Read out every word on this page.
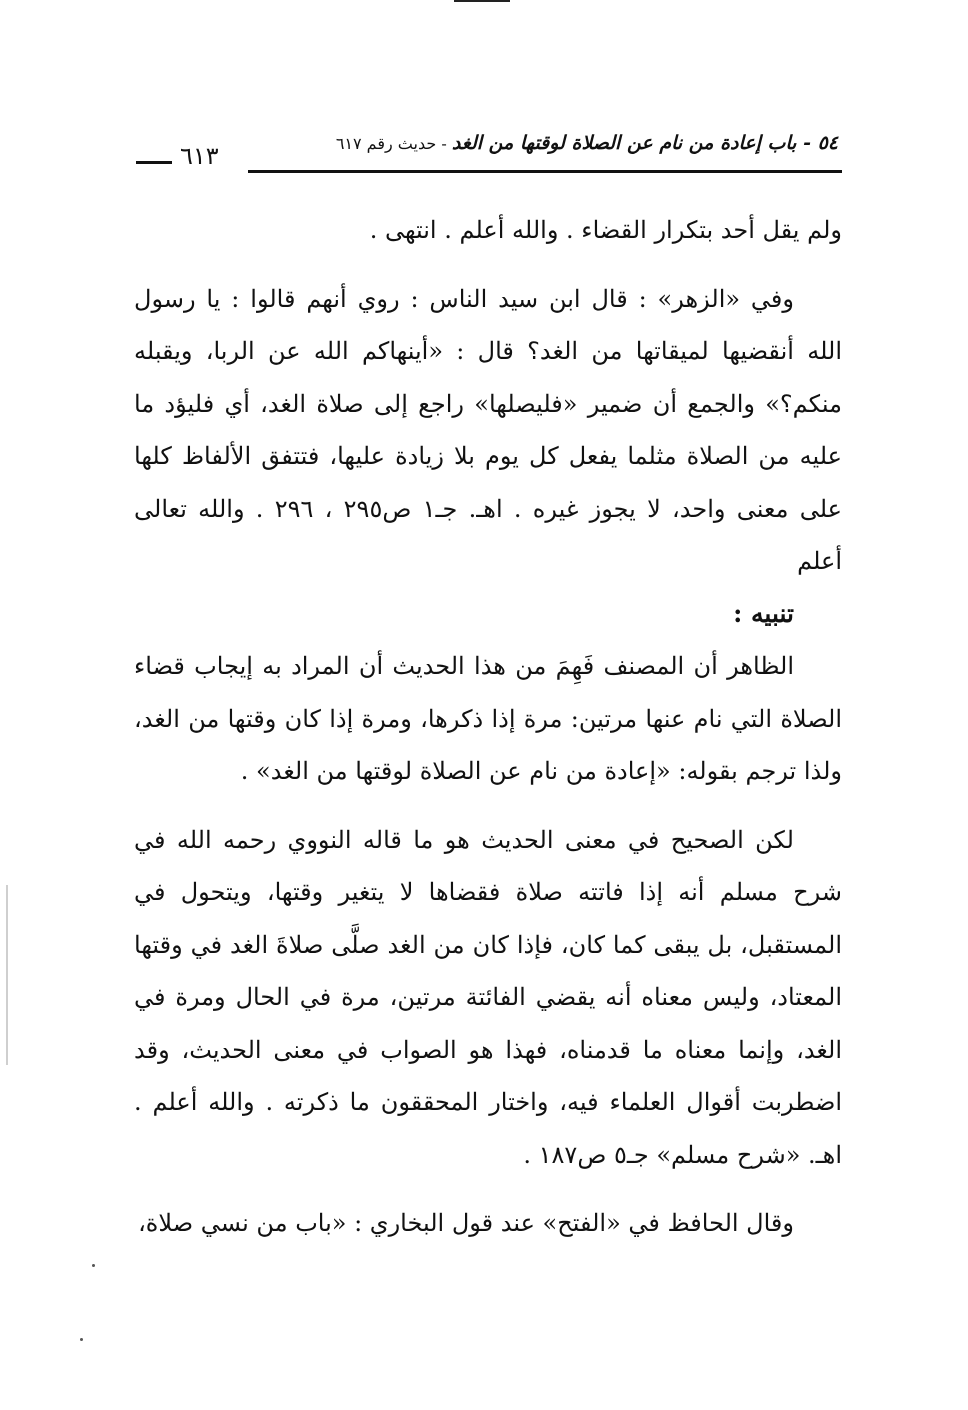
٦١٣	٥٤ - باب إعادة من نام عن الصلاة لوقتها من الغد - حديث رقم ٦١٧

ولم يقل أحد بتكرار القضاء . والله أعلم . انتهى .

وفي «الزهر» : قال ابن سيد الناس : روي أنهم قالوا : يا رسول الله أنقضيها لميقاتها من الغد؟ قال : «أينهاكم الله عن الربا، ويقبله منكم؟» والجمع أن ضمير «فليصلها» راجع إلى صلاة الغد، أي فليؤد ما عليه من الصلاة مثلما يفعل كل يوم بلا زيادة عليها، فتتفق الألفاظ كلها على معنى واحد، لا يجوز غيره . اهـ. جـ١ ص٢٩٥ ، ٢٩٦ . والله تعالى أعلم

تنبيه :

الظاهر أن المصنف فَهِمَ من هذا الحديث أن المراد به إيجاب قضاء الصلاة التي نام عنها مرتين: مرة إذا ذكرها، ومرة إذا كان وقتها من الغد، ولذا ترجم بقوله: «إعادة من نام عن الصلاة لوقتها من الغد» .

لكن الصحيح في معنى الحديث هو ما قاله النووي رحمه الله في شرح مسلم أنه إذا فاتته صلاة فقضاها لا يتغير وقتها، ويتحول في المستقبل، بل يبقى كما كان، فإذا كان من الغد صلَّى صلاةَ الغد في وقتها المعتاد، وليس معناه أنه يقضي الفائتة مرتين، مرة في الحال ومرة في الغد، وإنما معناه ما قدمناه، فهذا هو الصواب في معنى الحديث، وقد اضطربت أقوال العلماء فيه، واختار المحققون ما ذكرته . والله أعلم . اهـ. «شرح مسلم» جـ٥ ص١٨٧ .

وقال الحافظ في «الفتح» عند قول البخاري : «باب من نسي صلاة،
